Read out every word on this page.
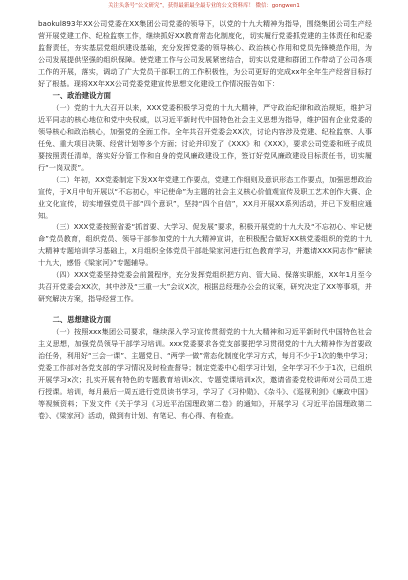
关注头条号“公文研究”，获得最新最全最专业的公文资料库！ 微信：gongwen1

baokul893年XX公司党委在XX集团公司党委的领导下，以党的十九大精神为指导，围绕集团公司生产经营开展党建工作、纪检监察工作，继续抓好XX教育常态化制度化，切实履行党委抓党建的主体责任和纪委监督责任，夯实基层党组织建设基础，充分发挥党委的领导核心、政治核心作用和党员先锋模范作用，为公司发展提供坚强的组织保障。使党建工作与公司发展紧密结合，切实以党建和群团工作带动了公司各项工作的开展，落实，调动了广大党员干部职工的工作积极性，为公司更好的完成xx年全年生产经营目标打好了根基。现将XX年XX公司党委党建宣传思想文化建设工作情况报告如下：

一、政治建设方面

（一）党的十九大召开以来，XXX党委积极学习党的十九大精神，严守政治纪律和政治规矩，维护习近平同志的核心地位和党中央权威，以习近平新时代中国特色社会主义思想为指导，维护国有企业党委的领导核心和政治核心，加强党的全面工作。全年共召开党委会XX次，讨论内容涉及党建、纪检监察、人事任免、重大项目决策、经营计划等多个方面；讨论并印发了《XXX》和《XXX》，要求公司党委和班子成员要按照责任清单，落实好分管工作和自身的党风廉政建设工作，签订好党风廉政建设目标责任书，切实履行“一岗双责”。

（二）年初，XX党委制定下发XX年党建工作要点，党建工作细则及意识形态工作要点，加强思想政治宣传，于X月中旬开展以“不忘初心，牢记使命”为主题的社会主义核心价值观宣传及职工艺术创作大赛、企业文化宣传，切实增强党员干部“四个意识”，坚持“四个自信”，XX月开展XX系列活动，并已下发相应通知。

（三）XXX党委按照省委“抓首要、大学习、促发展”要求，积极开展党的十九大及“不忘初心、牢记使命”党员教育，组织党员、领导干部参加党的十九大精神宣讲，在积极配合做好XX核党委组织的党的十九大精神专题培训学习基础上，X月组织全体党员干部赴梁家河进行红色教育学习，并邀请XXX同志作“解读十九大，感悟《梁家河》”专题辅导。

（四）XXX党委坚持党委会前置程序，充分发挥党组织把方向、管大局、保落实职能，XX年1月至今共召开党委会XX次，其中涉及“三重一大”会议X次，根据总经理办公会的议案，研究决定了XX等事项，并研究解决方案，指导经营工作。

二、思想建设方面

（一）按照xxx集团公司要求，继续深入学习宣传贯彻党的十九大精神和习近平新时代中国特色社会主义思想，加强党员领导干部学习培训。xxx党委要求各党支部要把学习贯彻党的十九大精神作为首要政治任务，利用好“三会一课”、主题党日、“两学一做”常态化制度化学习方式，每月不少于1次的集中学习；党委工作部对各党支部的学习情况及时检查督导；制定党委中心组学习计划，全年学习不少于1次，已组织开展学习x次；扎实开展有特色的专题教育培训x次、专题党课培训x次，邀请省委党校讲师对公司员工进行授课。培训，每月最后一周五进行党员读书学习，学习了《习仲勋》、《杂斗》、《巡视利剑》《廉政中国》等视频资料；下发文件《关于学习《习近平治国理政第二卷》的通知》，开展学习《习近平治国理政第二卷》、《梁家河》活动，做到有计划、有笔记、有心得、有检查。
